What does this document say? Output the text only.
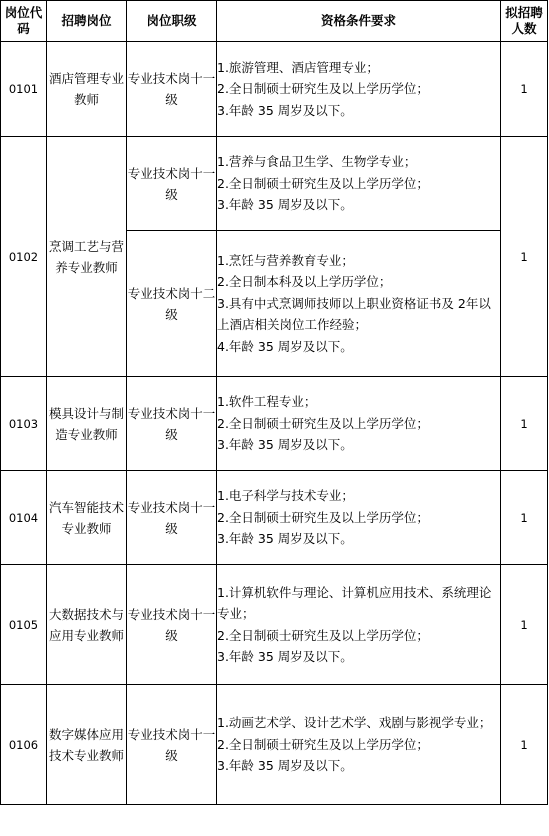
岗位代码	招聘岗位	岗位职级	资格条件要求	拟招聘人数
0101	酒店管理专业教师	专业技术岗十一级	1.旅游管理、酒店管理专业；
2.全日制硕士研究生及以上学历学位；
3.年龄 35 周岁及以下。	1
0102	烹调工艺与营养专业教师	专业技术岗十一级	1.营养与食品卫生学、生物学专业；
2.全日制硕士研究生及以上学历学位；
3.年龄 35 周岁及以下。	1
		专业技术岗十二级	1.烹饪与营养教育专业；
2.全日制本科及以上学历学位；
3.具有中式烹调师技师以上职业资格证书及 2年以上酒店相关岗位工作经验；
4.年龄 35 周岁及以下。	

0103	模具设计与制造专业教师	专业技术岗十一级	1.软件工程专业；
2.全日制硕士研究生及以上学历学位；
3.年龄 35 周岁及以下。	1
0104	汽车智能技术专业教师	专业技术岗十一级	1.电子科学与技术专业；
2.全日制硕士研究生及以上学历学位；
3.年龄 35 周岁及以下。	1
0105	大数据技术与应用专业教师	专业技术岗十一级	1.计算机软件与理论、计算机应用技术、系统理论专业；
2.全日制硕士研究生及以上学历学位；
3.年龄 35 周岁及以下。	1
0106	数字媒体应用技术专业教师	专业技术岗十一级	1.动画艺术学、设计艺术学、戏剧与影视学专业；
2.全日制硕士研究生及以上学历学位；
3.年龄 35 周岁及以下。	1
